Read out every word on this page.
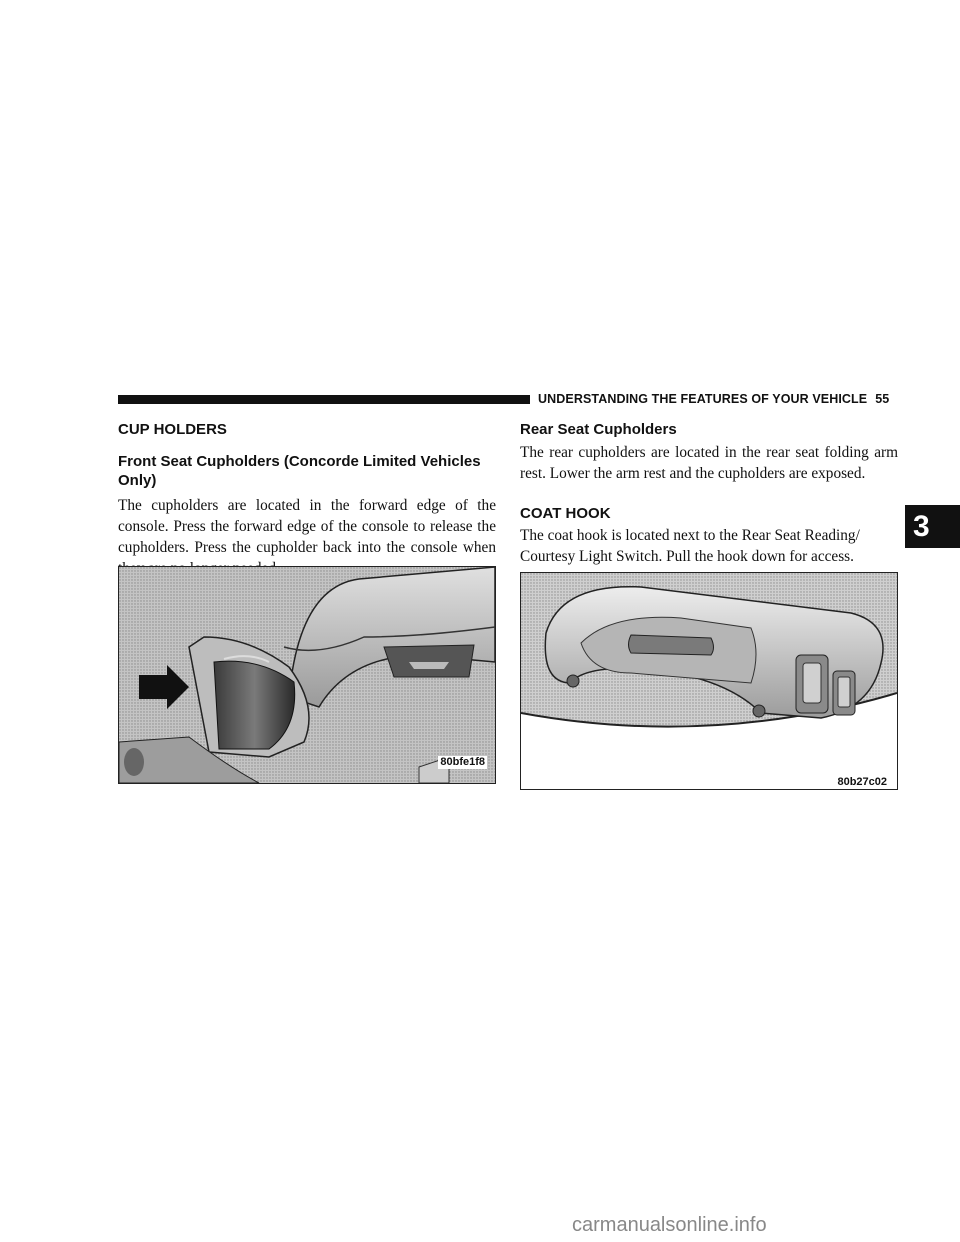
UNDERSTANDING THE FEATURES OF YOUR VEHICLE 55
3
CUP HOLDERS
Front Seat Cupholders (Concorde Limited Vehicles Only)

The cupholders are located in the forward edge of the console. Press the forward edge of the console to release the cupholders. Press the cupholder back into the console when

80bfe1f8
Rear Seat Cupholders

The rear cupholders are located in the rear seat folding arm rest. Lower the arm rest and the cupholders are exposed.

COAT HOOK

The coat hook is located next to the Rear Seat Reading/ Courtesy Light Switch. Pull the hook down for access.

80b27c02
carmanualsonline.info
